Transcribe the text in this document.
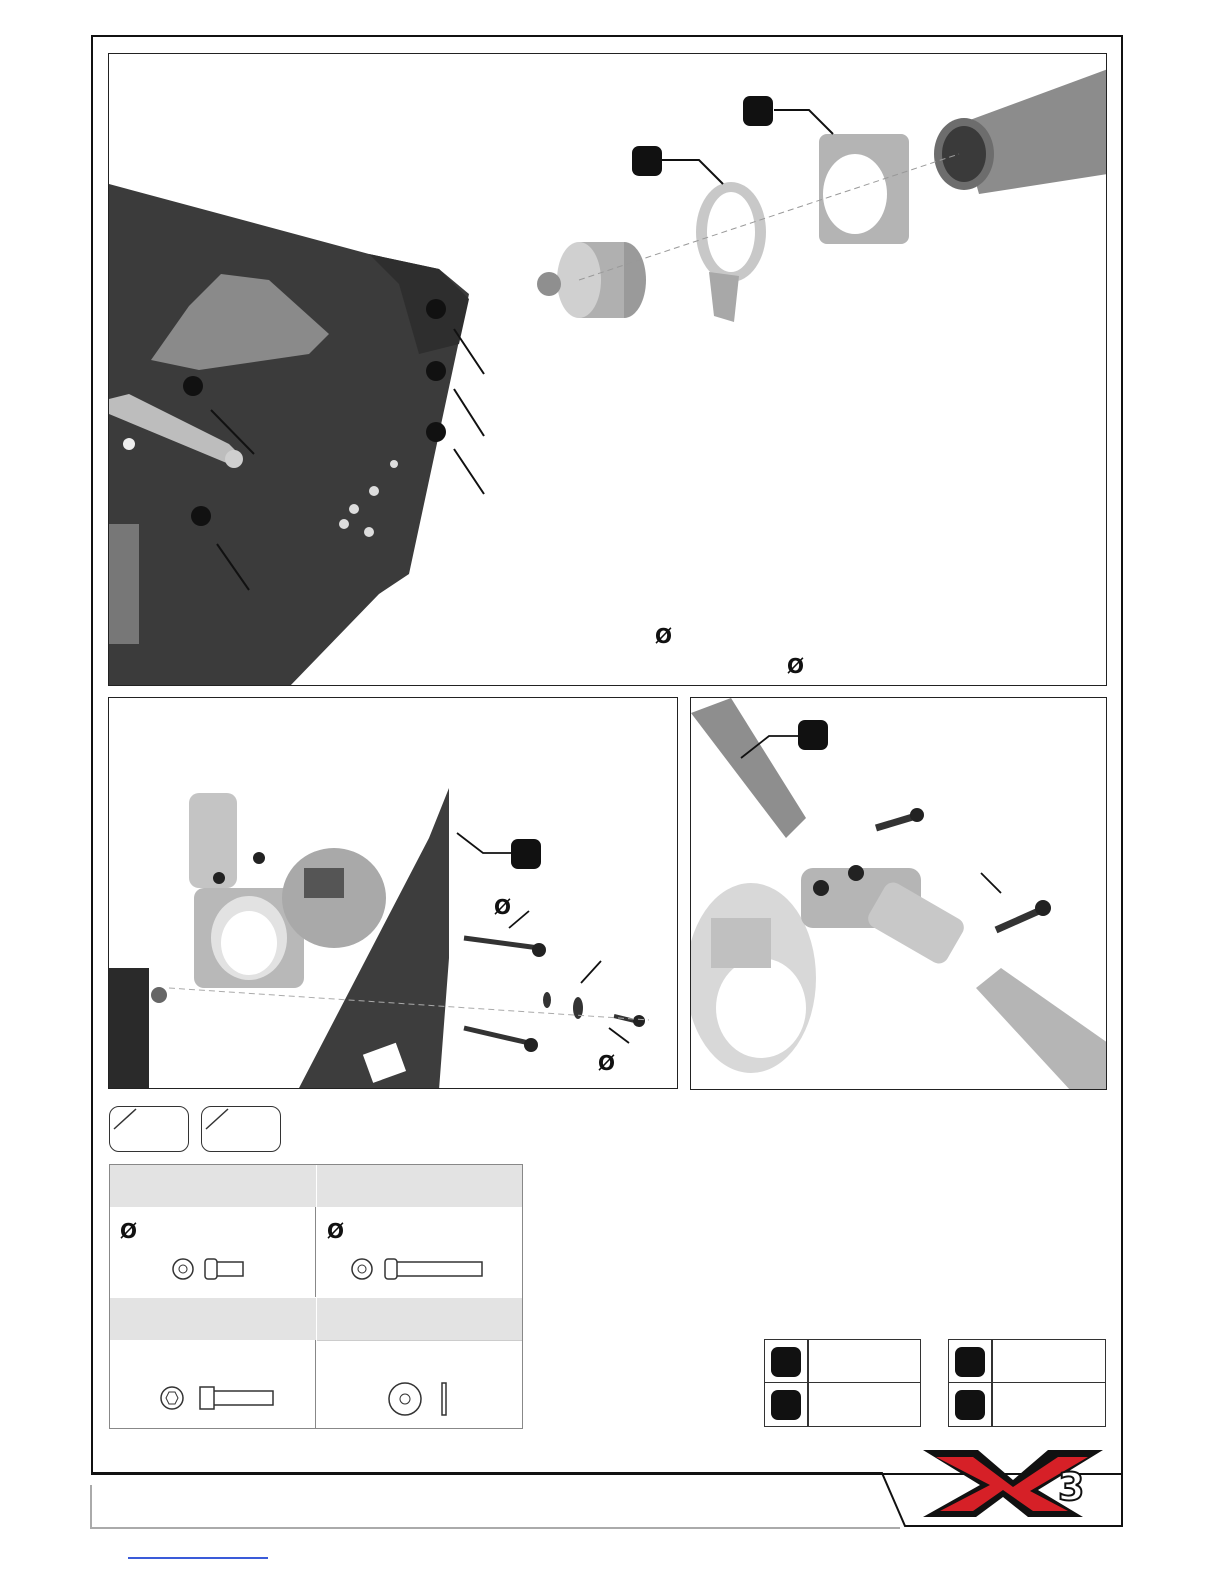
Ø
Ø
Ø
Ø
Ø	Ø
3
